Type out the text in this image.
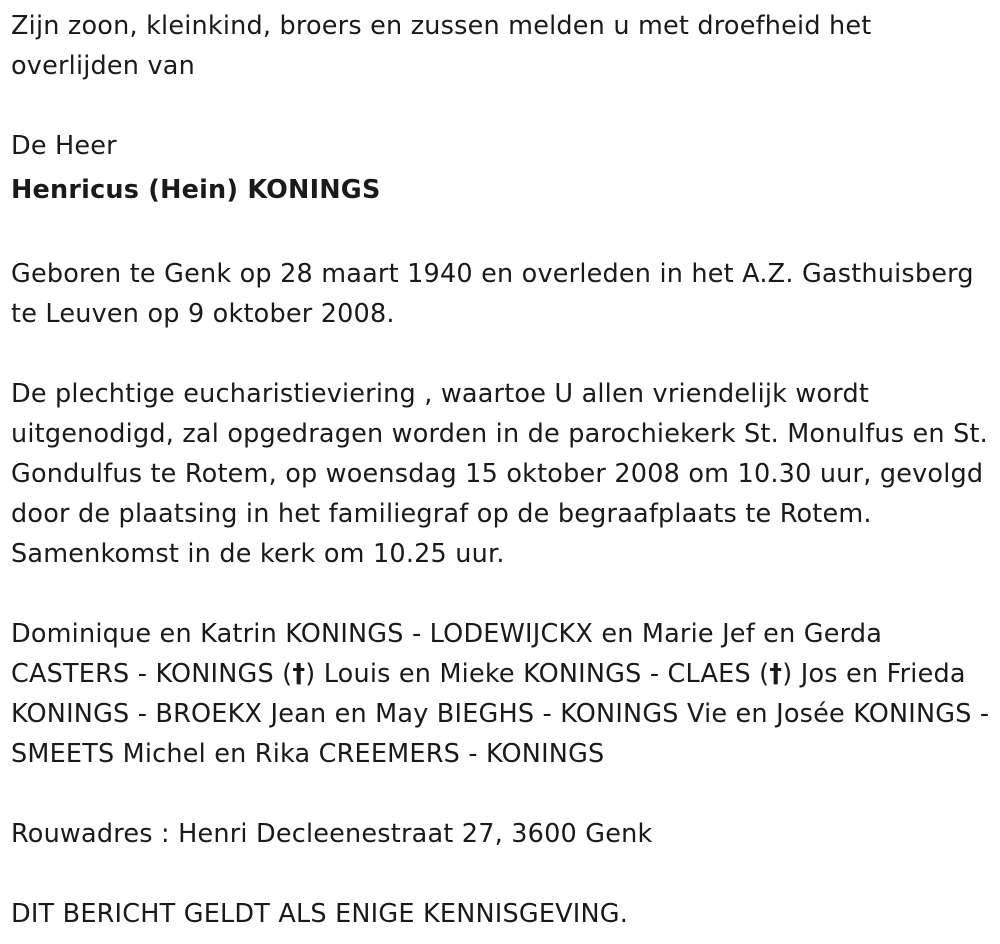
Zijn zoon, kleinkind, broers en zussen melden u met droefheid het overlijden van

De Heer

Henricus (Hein) KONINGS

Geboren te Genk op 28 maart 1940 en overleden in het A.Z. Gasthuisberg te Leuven op 9 oktober 2008.

De plechtige eucharistieviering , waartoe U allen vriendelijk wordt uitgenodigd, zal opgedragen worden in de parochiekerk St. Monulfus en St. Gondulfus te Rotem, op woensdag 15 oktober 2008 om 10.30 uur, gevolgd door de plaatsing in het familiegraf op de begraafplaats te Rotem. Samenkomst in de kerk om 10.25 uur.

Dominique en Katrin KONINGS - LODEWIJCKX en Marie Jef en Gerda CASTERS - KONINGS (†) Louis en Mieke KONINGS - CLAES (†) Jos en Frieda KONINGS - BROEKX Jean en May BIEGHS - KONINGS Vie en Josée KONINGS - SMEETS Michel en Rika CREEMERS - KONINGS

Rouwadres : Henri Decleenestraat 27, 3600 Genk

DIT BERICHT GELDT ALS ENIGE KENNISGEVING.
